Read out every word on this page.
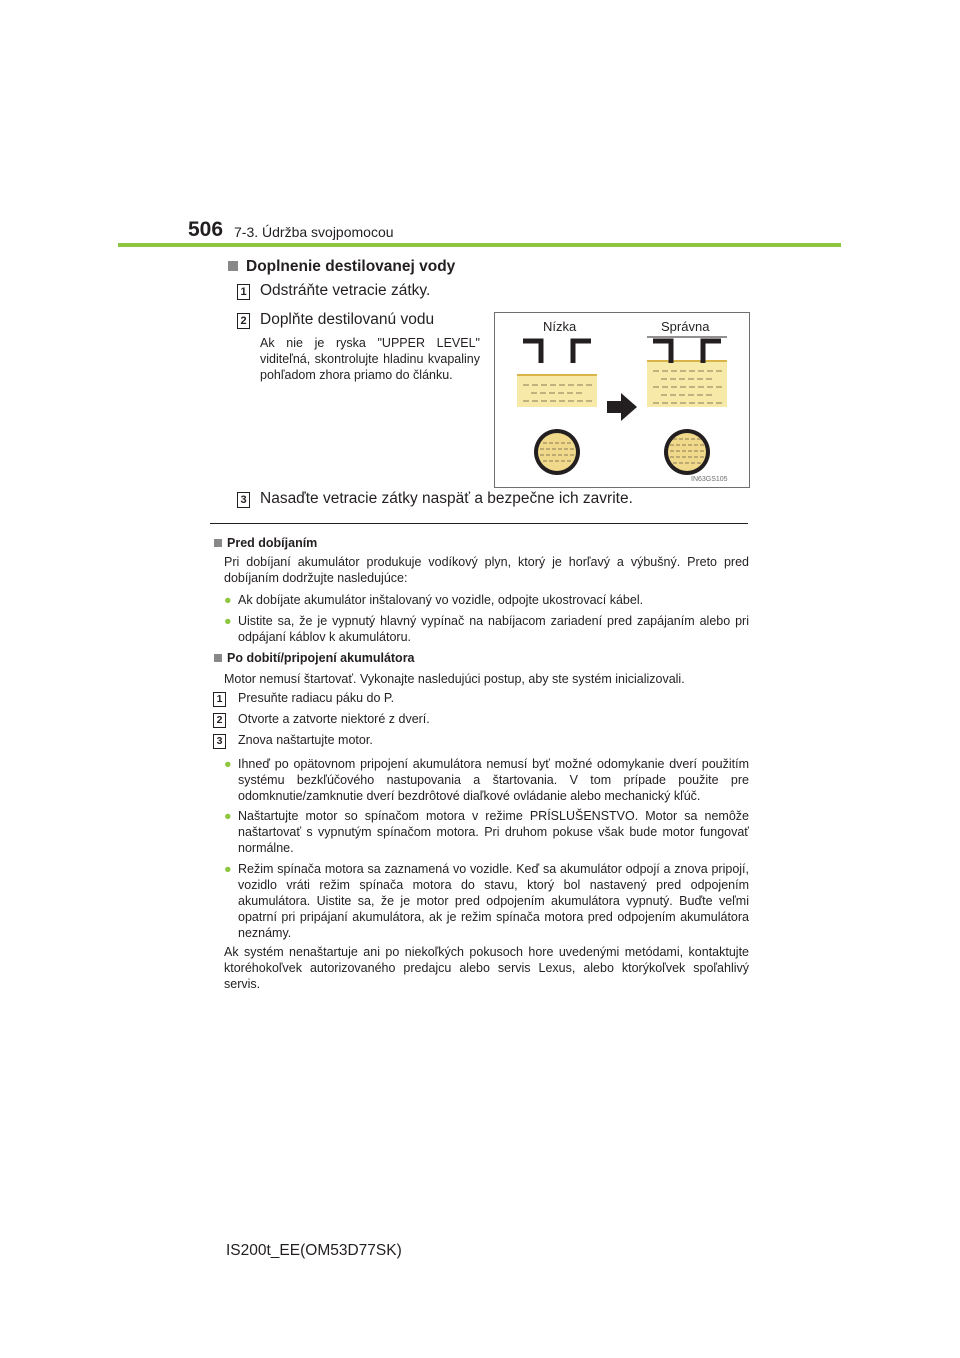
506 7-3. Údržba svojpomocou
Doplnenie destilovanej vody
1 Odstráňte vetracie zátky.
2 Doplňte destilovanú vodu
Ak nie je ryska "UPPER LEVEL" viditeľná, skontrolujte hladinu kvapaliny pohľadom zhora priamo do článku.
Nízka	Správna
IN63GS105
3 Nasaďte vetracie zátky naspäť a bezpečne ich zavrite.
Pred dobíjaním
Pri dobíjaní akumulátor produkuje vodíkový plyn, ktorý je horľavý a výbušný. Preto pred dobíjaním dodržujte nasledujúce:
● Ak dobíjate akumulátor inštalovaný vo vozidle, odpojte ukostrovací kábel.
● Uistite sa, že je vypnutý hlavný vypínač na nabíjacom zariadení pred zapájaním alebo pri odpájaní káblov k akumulátoru.
Po dobití/pripojení akumulátora
Motor nemusí štartovať. Vykonajte nasledujúci postup, aby ste systém inicializovali.
1 Presuňte radiacu páku do P.
2 Otvorte a zatvorte niektoré z dverí.
3 Znova naštartujte motor.
● Ihneď po opätovnom pripojení akumulátora nemusí byť možné odomykanie dverí použitím systému bezkľúčového nastupovania a štartovania. V tom prípade použite pre odomknutie/zamknutie dverí bezdrôtové diaľkové ovládanie alebo mechanický kľúč.
● Naštartujte motor so spínačom motora v režime PRÍSLUŠENSTVO. Motor sa nemôže naštartovať s vypnutým spínačom motora. Pri druhom pokuse však bude motor fungovať normálne.
● Režim spínača motora sa zaznamená vo vozidle. Keď sa akumulátor odpojí a znova pripojí, vozidlo vráti režim spínača motora do stavu, ktorý bol nastavený pred odpojením akumulátora. Uistite sa, že je motor pred odpojením akumulátora vypnutý. Buďte veľmi opatrní pri pripájaní akumulátora, ak je režim spínača motora pred odpojením akumulátora neznámy.
Ak systém nenaštartuje ani po niekoľkých pokusoch hore uvedenými metódami, kontaktujte ktoréhokoľvek autorizovaného predajcu alebo servis Lexus, alebo ktorýkoľvek spoľahlivý servis.
IS200t_EE(OM53D77SK)
